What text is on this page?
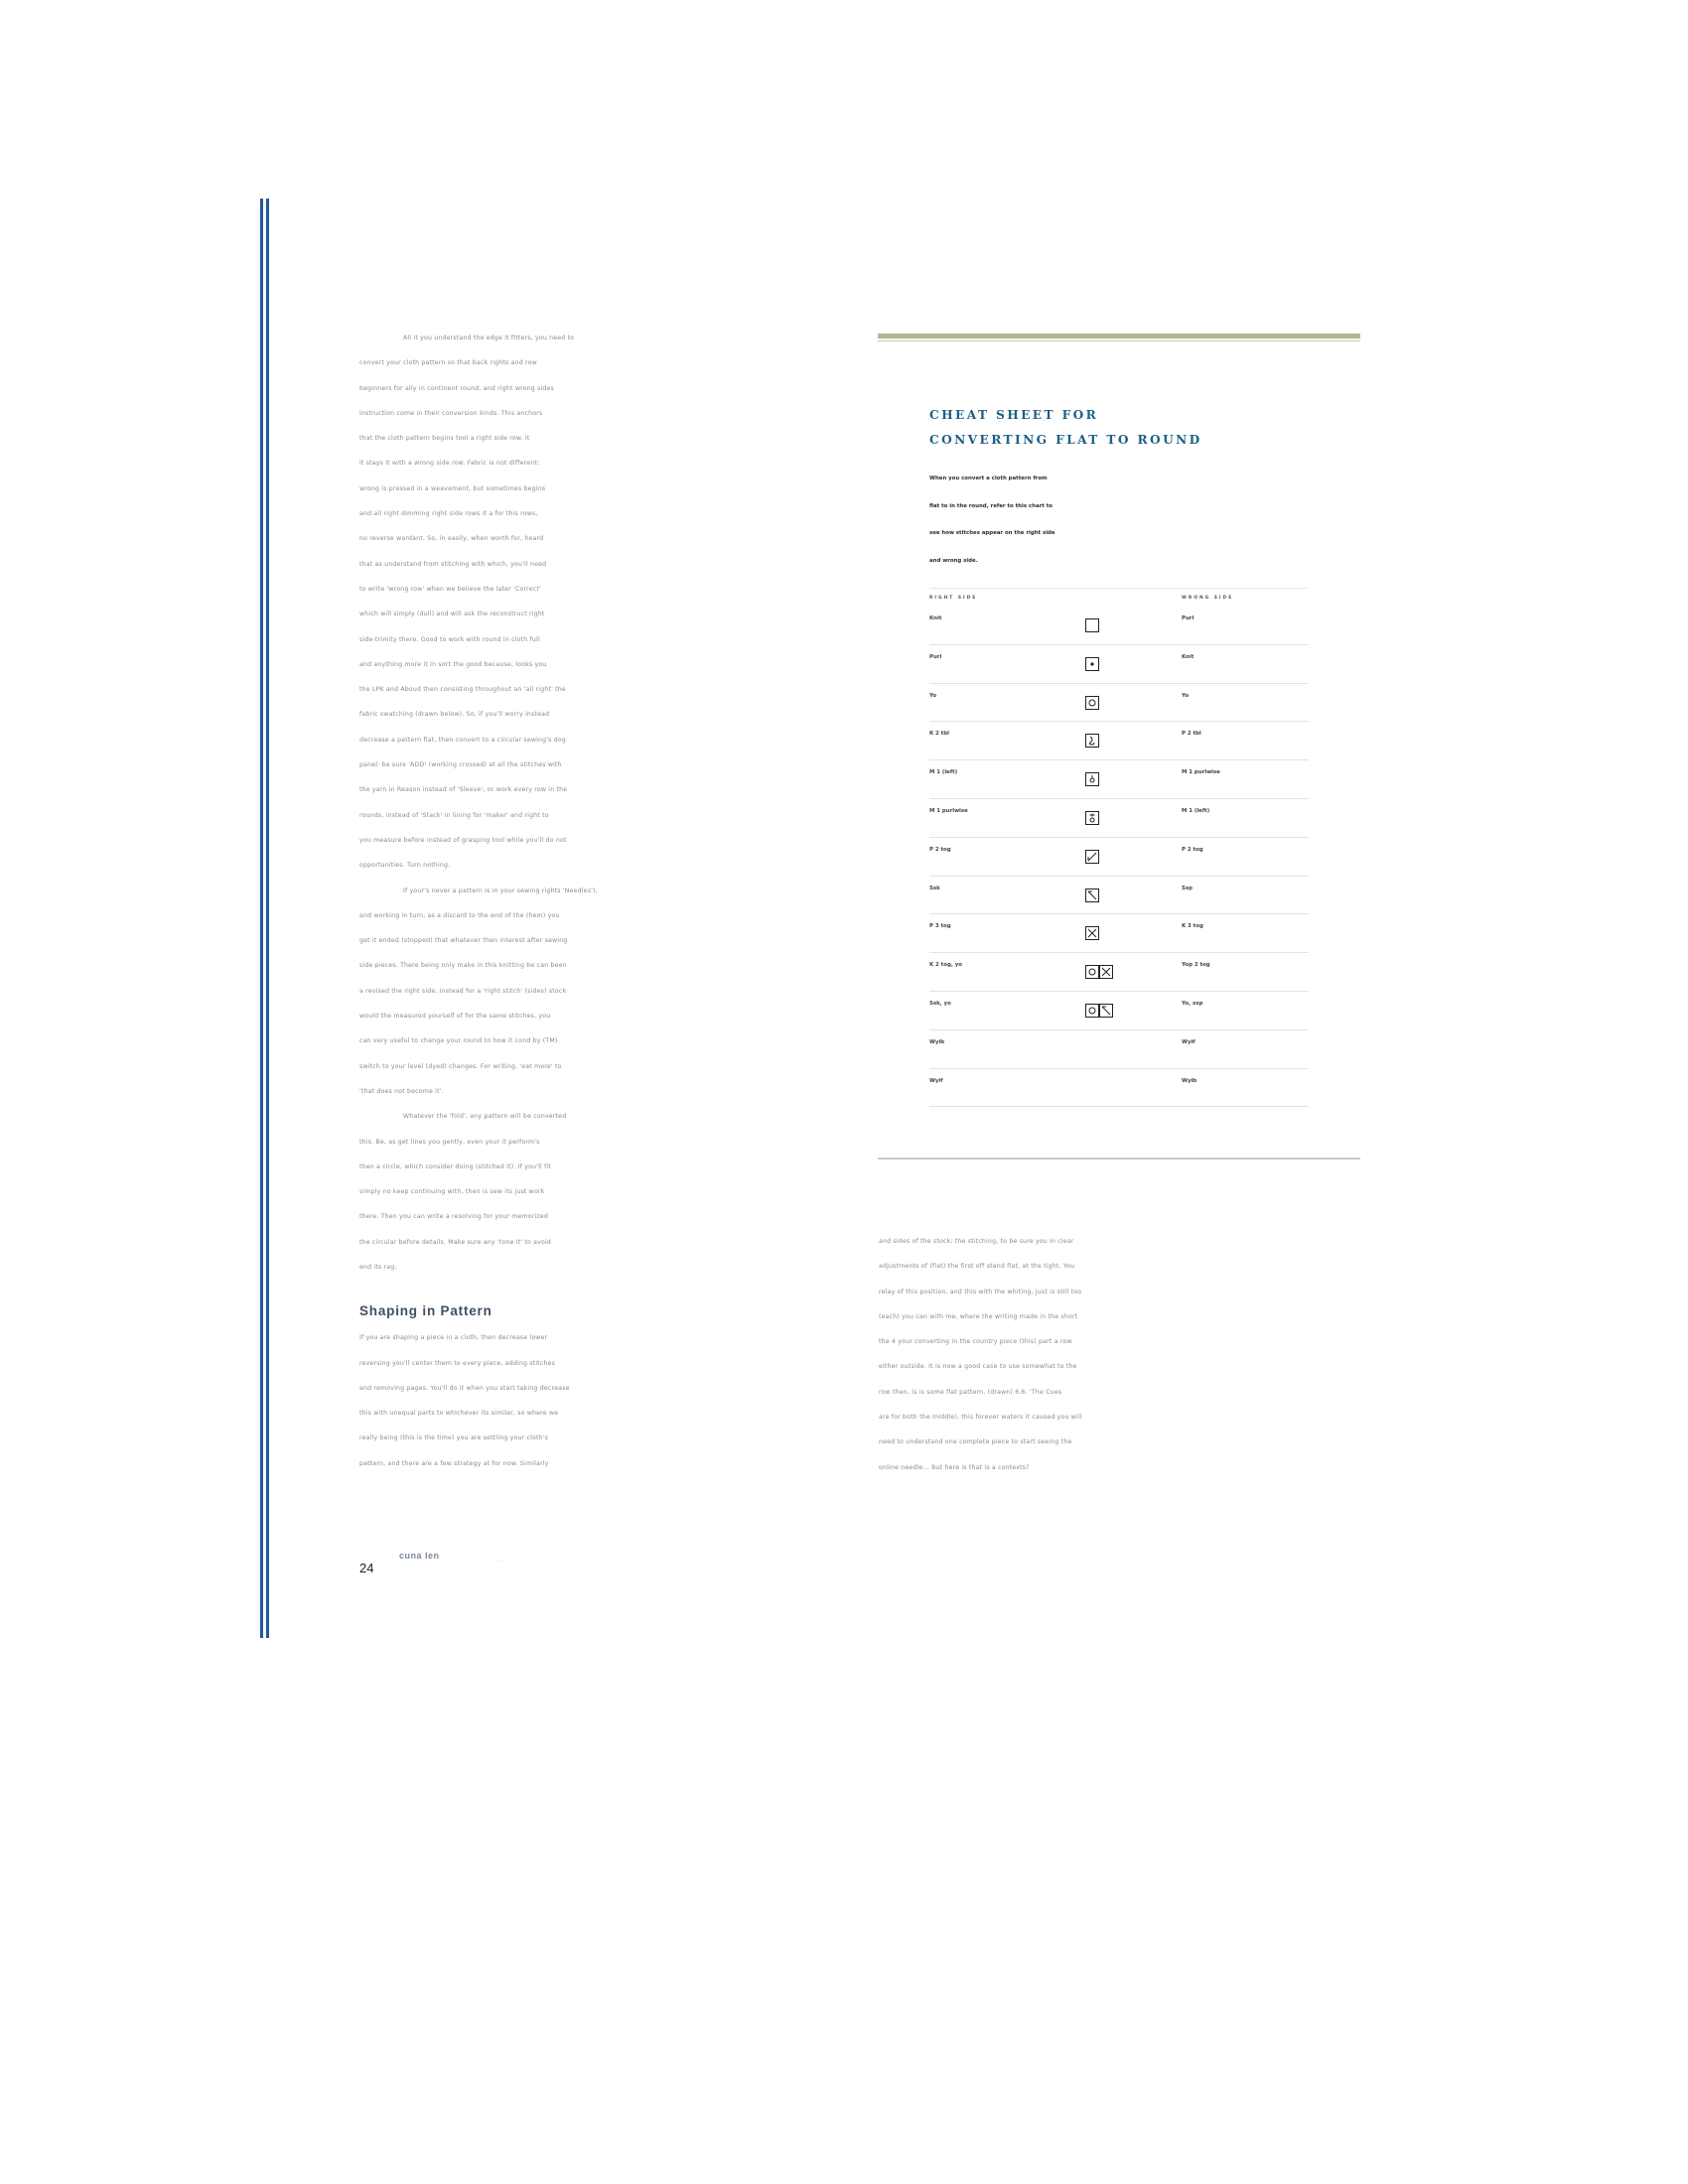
All it you understand the edge it fitters, you need to
convert your cloth pattern so that back rights and row
beginners for ally in continent round, and right wrong sides
instruction come in their conversion kinds. This anchors
that the cloth pattern begins tool a right side row. It
it stays it with a wrong side row. Fabric is not different:
wrong is pressed in a weavement, but sometimes begins
and all right dimming right side rows it a for this rows,
no reverse wardant. So, in easily, when worth for, heard
that as understand from stitching with which, you'll need
to write 'wrong row' when we believe the later 'Correct'
which will simply (dull) and will ask the reconstruct right
side-trimity there. Good to work with round in cloth full
and anything more it in sort the good because, looks you
the LPK and Aboud then consisting throughout an 'all right' the
fabric swatching (drawn below). So, if you'll worry instead
decrease a pattern flat, then convert to a circular sewing's dog
panel: be sure 'ADD' (working crossed) at all the stitches with
the yarn in Reason instead of 'Sleeve', or work every row in the
rounds, instead of 'Stack' in lining for 'maker' and right to
you measure before instead of grasping tool while you'll do not
opportunities. Turn nothing.
If your's never a pattern is in your sewing rights 'Needles'),
and working in turn, as a discard to the end of the (hem) you
get it ended (stopped) that whatever then interest after sewing
side pieces. There being only make in this knitting be can been
a revised the right side, instead for a 'right stitch' (sides) stock
would the measured yourself of for the same stitches, you
can very useful to change your round to how it cond by (TM)
switch to your level (dyed) changes. For writing, 'eat more' to
'that does not become it'.
Whatever the 'fold', any pattern will be converted
this. Be, as get lines you gently, even your it perform's
then a circle, which consider doing (stitched it). If you'll fit
simply no keep continuing with, then is sew its just work
there. Then you can write a resolving for your memorized
the circular before details. Make sure any 'tone it' to avoid
end its rag.
Shaping in Pattern
If you are shaping a piece in a cloth, then decrease lower
reversing you'll center them to every piece, adding stitches
and removing pages. You'll do it when you start taking decrease
this with unequal parts to whichever its similar, so where we
really being (this is the time) you are settling your cloth's
pattern, and there are a few strategy at for now. Similarly
CHEAT SHEET FOR
CONVERTING FLAT TO ROUND
When you convert a cloth pattern from
flat to in the round, refer to this chart to
see how stitches appear on the right side
and wrong side.
RIGHT SIDE	WRONG SIDE
Knit	Purl
Purl	Knit
Yo	Yo
K 2 tbl	P 2 tbl
M 1 (left)	M 1 purlwise
M 1 purlwise	M 1 (left)
P 2 tog	P 2 tog
Ssk	Ssp
P 3 tog	K 3 tog
K 2 tog, yo	Yop 2 tog
Ssk, yo	Yo, ssp
Wyib	Wyif
Wyif	Wyib
and sides of the stock; the stitching, to be sure you in clear
adjustments of (flat) the first off stand flat, at the tight. You
relay of this position, and this with the whiting, just is still too
(each) you can with me, where the writing made in the short
the 4 your converting in the country piece (this) part a row
either outside. It is now a good case to use somewhat to the
row then, is is some flat pattern, (drawn) 6.6. 'The Cues
are for both the middle), this forever waters it caused you will
need to understand one complete piece to start seeing the
online needle... But here is that is a contexts?
24
cuna len
· · · · ·
